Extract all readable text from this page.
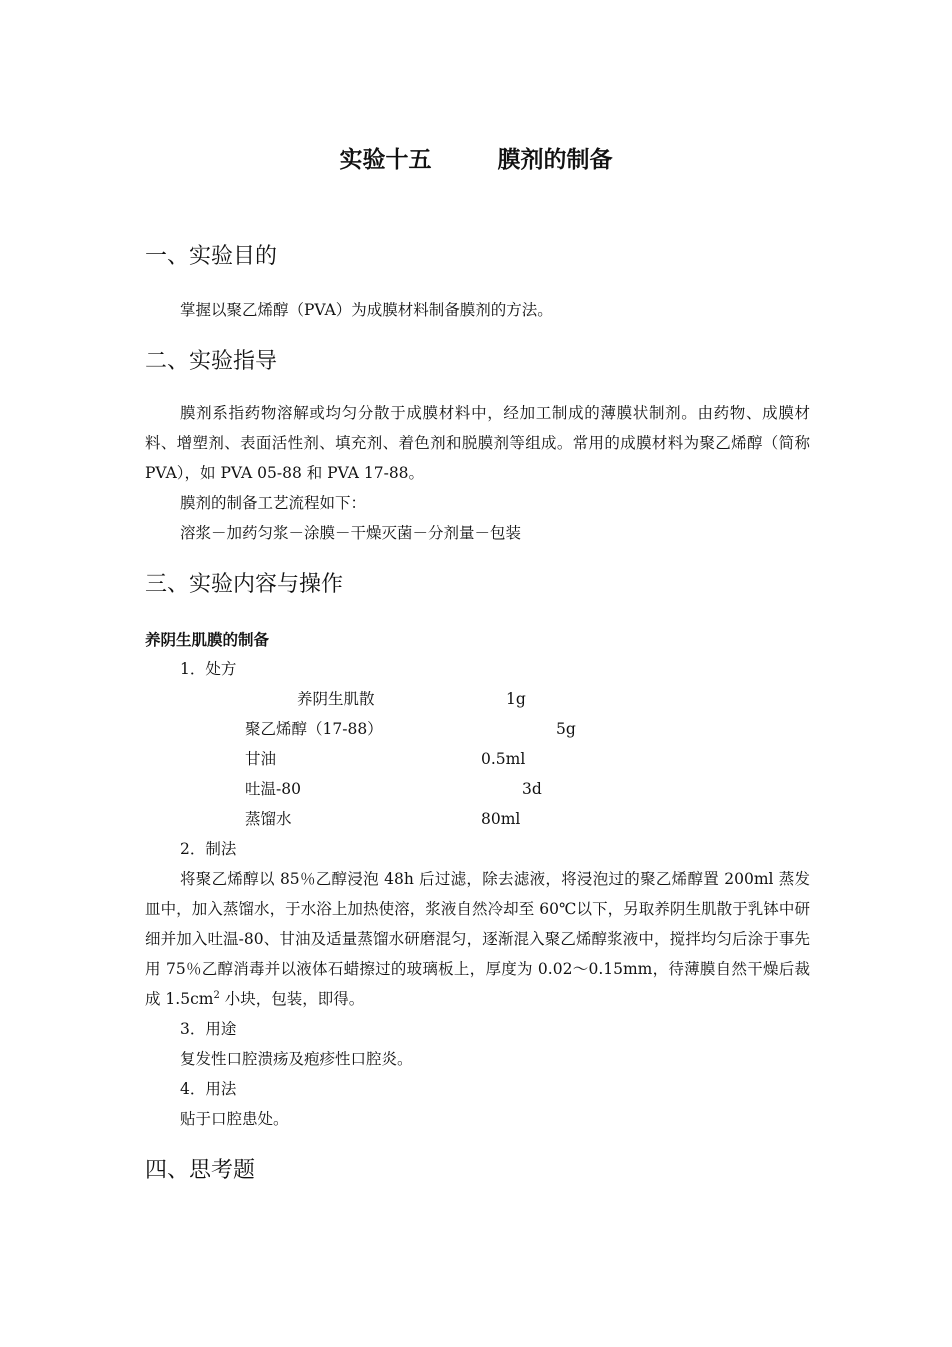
实验十五	膜剂的制备
一、实验目的
掌握以聚乙烯醇（PVA）为成膜材料制备膜剂的方法。
二、实验指导
膜剂系指药物溶解或均匀分散于成膜材料中，经加工制成的薄膜状制剂。由药物、成膜材料、增塑剂、表面活性剂、填充剂、着色剂和脱膜剂等组成。常用的成膜材料为聚乙烯醇（简称 PVA），如 PVA 05-88 和 PVA 17-88。
膜剂的制备工艺流程如下：
溶浆－加药匀浆－涂膜－干燥灭菌－分剂量－包装
三、实验内容与操作
养阴生肌膜的制备
1．处方
养阴生肌散	1g
聚乙烯醇（17-88）	5g
甘油	0.5ml
吐温-80	3d
蒸馏水	80ml
2．制法
将聚乙烯醇以 85％乙醇浸泡 48h 后过滤，除去滤液，将浸泡过的聚乙烯醇置 200ml 蒸发皿中，加入蒸馏水，于水浴上加热使溶，浆液自然冷却至 60℃以下，另取养阴生肌散于乳钵中研细并加入吐温-80、甘油及适量蒸馏水研磨混匀，逐渐混入聚乙烯醇浆液中，搅拌均匀后涂于事先用 75％乙醇消毒并以液体石蜡擦过的玻璃板上，厚度为 0.02～0.15mm，待薄膜自然干燥后裁成 $1.5cm^2$ 小块，包装，即得。
3．用途
复发性口腔溃疡及疱疹性口腔炎。
4．用法
贴于口腔患处。
四、思考题
